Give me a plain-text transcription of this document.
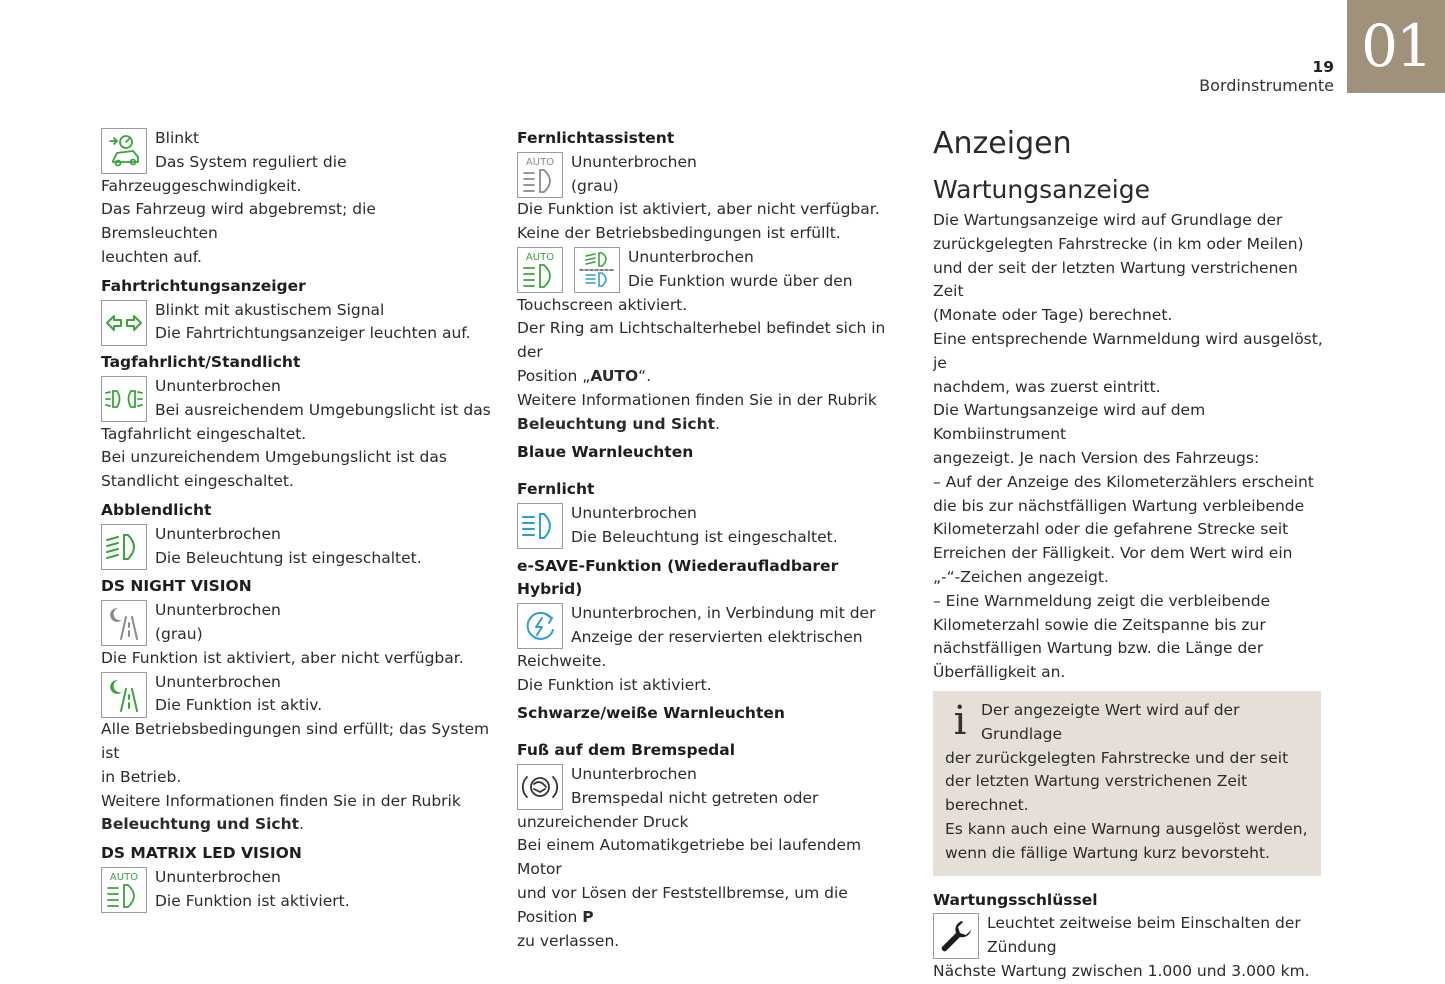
01
19
Bordinstrumente

Blinkt

Das System reguliert die

Fahrzeuggeschwindigkeit.

Das Fahrzeug wird abgebremst; die Bremsleuchten

leuchten auf.

Fahrtrichtungsanzeiger

Blinkt mit akustischem Signal

Die Fahrtrichtungsanzeiger leuchten auf.

Tagfahrlicht/Standlicht

Ununterbrochen

Bei ausreichendem Umgebungslicht ist das

Tagfahrlicht eingeschaltet.

Bei unzureichendem Umgebungslicht ist das

Standlicht eingeschaltet.

Abblendlicht

Ununterbrochen

Die Beleuchtung ist eingeschaltet.

DS NIGHT VISION

Ununterbrochen

(grau)

Die Funktion ist aktiviert, aber nicht verfügbar.

Ununterbrochen

Die Funktion ist aktiv.

Alle Betriebsbedingungen sind erfüllt; das System ist

in Betrieb.

Weitere Informationen finden Sie in der Rubrik

Beleuchtung und Sicht.

DS MATRIX LED VISION
AUTO	Ununterbrochen

Die Funktion ist aktiviert.

Fernlichtassistent
AUTO	Ununterbrochen

(grau)

Die Funktion ist aktiviert, aber nicht verfügbar.

Keine der Betriebsbedingungen ist erfüllt.

AUTO	Ununterbrochen

Die Funktion wurde über den

Touchscreen aktiviert.

Der Ring am Lichtschalterhebel befindet sich in der

Position „AUTO“.

Weitere Informationen finden Sie in der Rubrik

Beleuchtung und Sicht.

Blaue Warnleuchten
Fernlicht

Ununterbrochen

Die Beleuchtung ist eingeschaltet.

e-SAVE-Funktion (Wiederaufladbarer Hybrid)

Ununterbrochen, in Verbindung mit der

Anzeige der reservierten elektrischen

Reichweite.

Die Funktion ist aktiviert.

Schwarze/weiße Warnleuchten
Fuß auf dem Bremspedal

Ununterbrochen

Bremspedal nicht getreten oder

unzureichender Druck

Bei einem Automatikgetriebe bei laufendem Motor

und vor Lösen der Feststellbremse, um die Position P

zu verlassen.

Anzeigen
Wartungsanzeige

Die Wartungsanzeige wird auf Grundlage der

zurückgelegten Fahrstrecke (in km oder Meilen)

und der seit der letzten Wartung verstrichenen Zeit

(Monate oder Tage) berechnet.

Eine entsprechende Warnmeldung wird ausgelöst, je

nachdem, was zuerst eintritt.

Die Wartungsanzeige wird auf dem Kombiinstrument

angezeigt. Je nach Version des Fahrzeugs:

– Auf der Anzeige des Kilometerzählers erscheint

die bis zur nächstfälligen Wartung verbleibende

Kilometerzahl oder die gefahrene Strecke seit

Erreichen der Fälligkeit. Vor dem Wert wird ein

„-“-Zeichen angezeigt.

– Eine Warnmeldung zeigt die verbleibende

Kilometerzahl sowie die Zeitspanne bis zur

nächstfälligen Wartung bzw. die Länge der

Überfälligkeit an.

i Der angezeigte Wert wird auf der Grundlage

der zurückgelegten Fahrstrecke und der seit

der letzten Wartung verstrichenen Zeit berechnet.

Es kann auch eine Warnung ausgelöst werden,

wenn die fällige Wartung kurz bevorsteht.

Wartungsschlüssel

Leuchtet zeitweise beim Einschalten der

Zündung

Nächste Wartung zwischen 1.000 und 3.000 km.
